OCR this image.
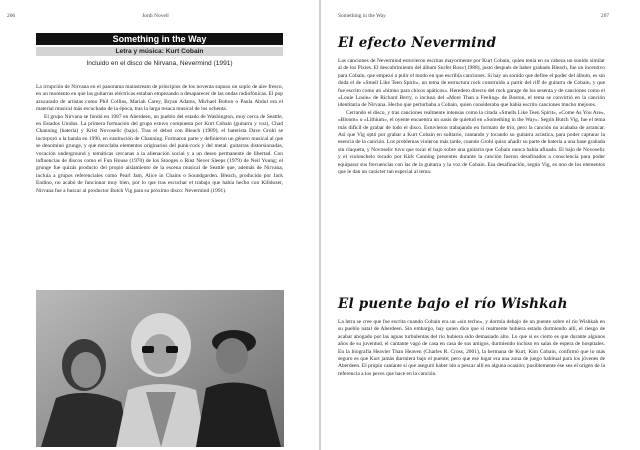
206	Jordi Novell
Something in the Way
Letra y música: Kurt Cobain
Incluido en el disco de Nirvana, Nevermind (1991)

La irrupción de Nirvana en el panorama mainstream de principios de los noventa supuso un soplo de aire fresco, en un momento en que las guitarras eléctricas estaban empezando a desaparecer de las ondas radiofónicas. El pop azucarado de artistas como Phil Collins, Mariah Carey, Bryan Adams, Michael Bolton o Paula Abdul era el material musical más escuchado de la época, tras la larga resaca musical de los ochenta.

El grupo Nirvana se fundó en 1987 en Aberdeen, un pueblo del estado de Washington, muy cerca de Seattle, en Estados Unidos. La primera formación del grupo estuvo compuesta por Kurt Cobain (guitarra y voz), Chad Channing (batería) y Krist Novoselic (bajo). Tras el debut con Bleach (1989), el baterista Dave Grohl se incorporó a la banda en 1990, en sustitución de Channing. Formaron parte y definieron un género musical al que se denominó grunge, y que mezclaba elementos originarios del punk-rock y del metal: guitarras distorsionadas, vocación underground y temáticas cercanas a la alienación social y a un deseo permanente de libertad. Con influencias de discos como el Fun House (1970) de los Stooges o Rust Never Sleeps (1979) de Neil Young; el grunge fue quizás producto del propio aislamiento de la escena musical de Seattle que, además de Nirvana, incluía a grupos referenciales como Pearl Jam, Alice in Chains o Soundgarden. Bleach, producido por Jack Endino, no acabó de funcionar muy bien, por lo que tras escuchar el trabajo que había hecho con Killdozer, Nirvana fue a buscar al productor Butch Vig para su próximo disco: Nevermind (1991).

Something in the Way	207
El efecto Nevermind

Las canciones de Nevermind estuvieron escritas mayormente por Kurt Cobain, quien tenía en su cabeza un sonido similar al de los Pixies. El descubrimiento del álbum Surfer Rosa (1988), justo después de haber grabado Bleach, fue un incentivo para Cobain, que empezó a pulir el modo en que escribía canciones. Si hay un sonido que define el poder del álbum, es sin duda el de «Smell Like Teen Spirit», un tema de estructura rock construido a partir del riff de guitarra de Cobain, y que fue escrito como un «himno para chicos apáticos». Heredero directo del rock garage de los sesenta y de canciones como el «Louie Louie» de Richard Berry, o incluso del «More Than a Feeling» de Boston, el tema se convirtió en la canción identitaria de Nirvana. Hecho que perturbaba a Cobain, quien consideraba que había escrito canciones mucho mejores.

Cerrando el disco, y tras canciones realmente intensas como la citada «Smells Like Teen Spirit», «Come As You Are», «Bloom» o «Lithium», el oyente encuentra un oasis de quietud en «Something in the Way». Según Butch Vig, fue el tema más difícil de grabar de todo el disco. Estuvieron trabajando en formato de trío, pero la canción no acababa de arrancar. Así que Vig optó por grabar a Kurt Cobain en solitario, cantando y tocando su guitarra acústica, para poder capturar la esencia de la canción. Los problemas vinieron más tarde, cuando Grohl quiso añadir su parte de batería a una base grabada sin claqueta, y Novoselic tuvo que tocar el bajo sobre una guitarra que Cobain nunca había afinado. El bajo de Novoselic y el violonchelo tocado por Kirk Canning presentes durante la canción fueron desafinados a consciencia para poder equiparar sus frecuencias con las de la guitarra y la voz de Cobain. Esa desafinación, según Vig, es uno de los elementos que le dan un carácter tan especial al tema.

El puente bajo el río Wishkah

La letra se cree que fue escrita cuando Cobain era un «sin techo», y dormía debajo de un puente sobre el río Wishkah en su pueblo natal de Aberdeen. Sin embargo, hay quien dice que si realmente hubiera estado durmiendo allí, el riesgo de acabar ahogado por las aguas turbulentas del río hubiera sido demasiado alto. Lo que sí es cierto es que durante algunos años de su juventud, el cantante vagó de casa en casa de sus amigos, durmiendo incluso en salas de espera de hospitales. En la biografía Heavier Than Heaven (Charles R. Cross, 2001), la hermana de Kurt, Kim Cobain, confirmó que lo más seguro es que Kurt jamás durmiera bajo el puente; pero que ese lugar era una zona de juego habitual para los jóvenes de Aberdeen. El propio cantante sí que aseguró haber ido a pescar allí en alguna ocasión; posiblemente ése sea el origen de la referencia a los peces que hace en la canción.
